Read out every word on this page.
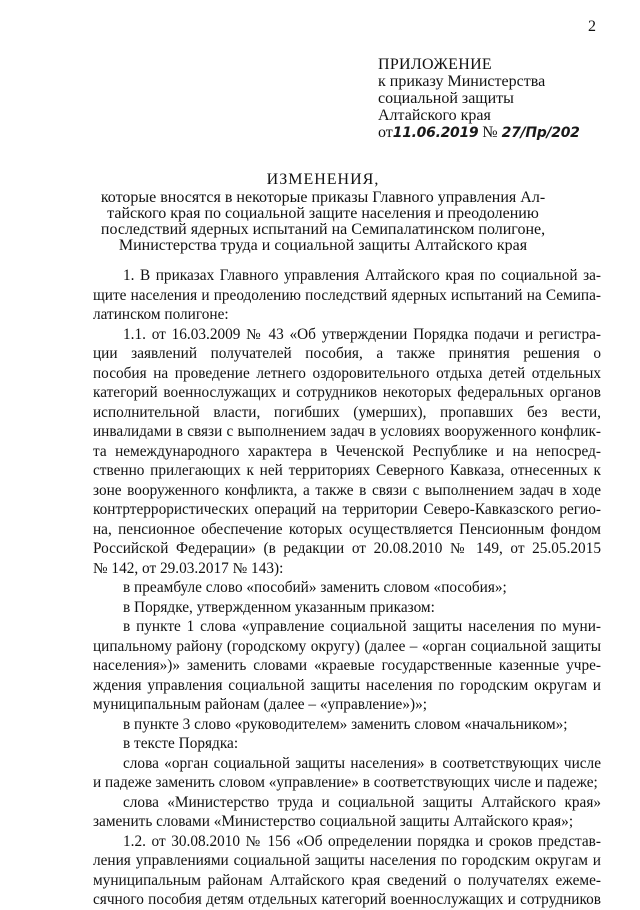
2
ПРИЛОЖЕНИЕ
к приказу Министерства
социальной защиты
Алтайского края
от11.06.2019 № 27/Пр/202
ИЗМЕНЕНИЯ,
которые вносятся в некоторые приказы Главного управления Ал-
тайского края по социальной защите населения и преодолению
последствий ядерных испытаний на Семипалатинском полигоне,
Министерства труда и социальной защиты Алтайского края
1. В приказах Главного управления Алтайского края по социальной за-
щите населения и преодолению последствий ядерных испытаний на Семипа-
латинском полигоне:
1.1. от 16.03.2009 № 43 «Об утверждении Порядка подачи и регистра-
ции заявлений получателей пособия, а также принятия решения о
пособия на проведение летнего оздоровительного отдыха детей отдельных
категорий военнослужащих и сотрудников некоторых федеральных органов
исполнительной власти, погибших (умерших), пропавших без вести,
инвалидами в связи с выполнением задач в условиях вооруженного конфлик-
та немеждународного характера в Чеченской Республике и на непосред-
ственно прилегающих к ней территориях Северного Кавказа, отнесенных к
зоне вооруженного конфликта, а также в связи с выполнением задач в ходе
контртеррористических операций на территории Северо-Кавказского регио-
на, пенсионное обеспечение которых осуществляется Пенсионным фондом
Российской Федерации» (в редакции от 20.08.2010 № 149, от 25.05.2015
№ 142, от 29.03.2017 № 143):
в преамбуле слово «пособий» заменить словом «пособия»;
в Порядке, утвержденном указанным приказом:
в пункте 1 слова «управление социальной защиты населения по муни-
ципальному району (городскому округу) (далее – «орган социальной защиты
населения»)» заменить словами «краевые государственные казенные учре-
ждения управления социальной защиты населения по городским округам и
муниципальным районам (далее – «управление»)»;
в пункте 3 слово «руководителем» заменить словом «начальником»;
в тексте Порядка:
слова «орган социальной защиты населения» в соответствующих числе
и падеже заменить словом «управление» в соответствующих числе и падеже;
слова «Министерство труда и социальной защиты Алтайского края»
заменить словами «Министерство социальной защиты Алтайского края»;
1.2. от 30.08.2010 № 156 «Об определении порядка и сроков представ-
ления управлениями социальной защиты населения по городским округам и
муниципальным районам Алтайского края сведений о получателях ежеме-
сячного пособия детям отдельных категорий военнослужащих и сотрудников
